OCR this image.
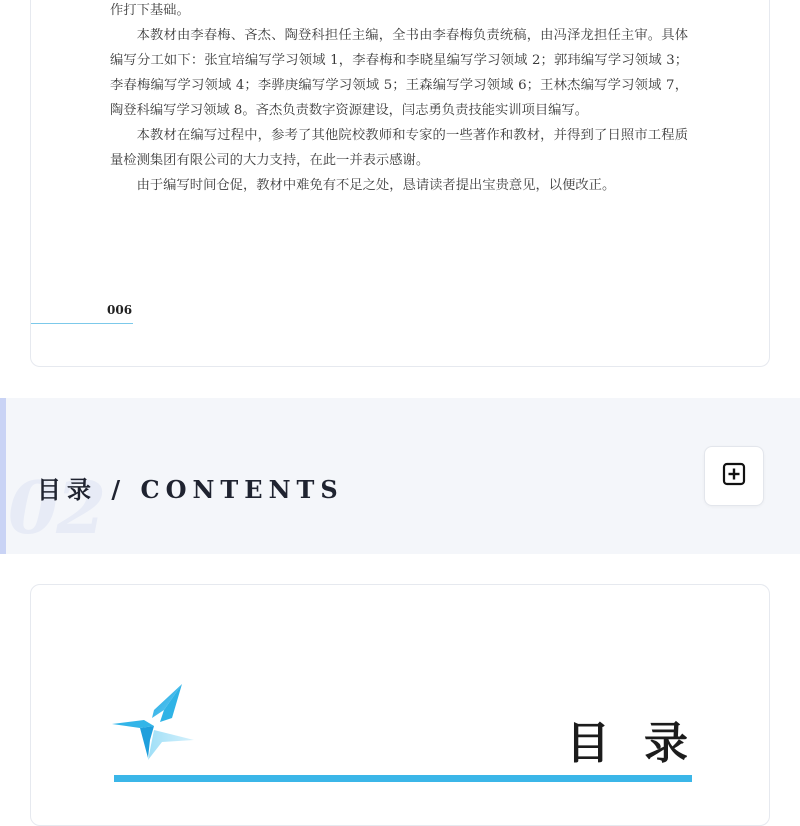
作打下基础。

本教材由李春梅、吝杰、陶登科担任主编，全书由李春梅负责统稿，由冯泽龙担任主审。具体编写分工如下：张宜培编写学习领域 1，李春梅和李晓星编写学习领域 2；郭玮编写学习领域 3；李春梅编写学习领域 4；李骅庚编写学习领域 5；王森编写学习领域 6；王林杰编写学习领域 7，陶登科编写学习领域 8。吝杰负责数字资源建设，闫志勇负责技能实训项目编写。

本教材在编写过程中，参考了其他院校教师和专家的一些著作和教材，并得到了日照市工程质量检测集团有限公司的大力支持，在此一并表示感谢。

由于编写时间仓促，教材中难免有不足之处，恳请读者提出宝贵意见，以便改正。

006
02
目录 / CONTENTS
目录
